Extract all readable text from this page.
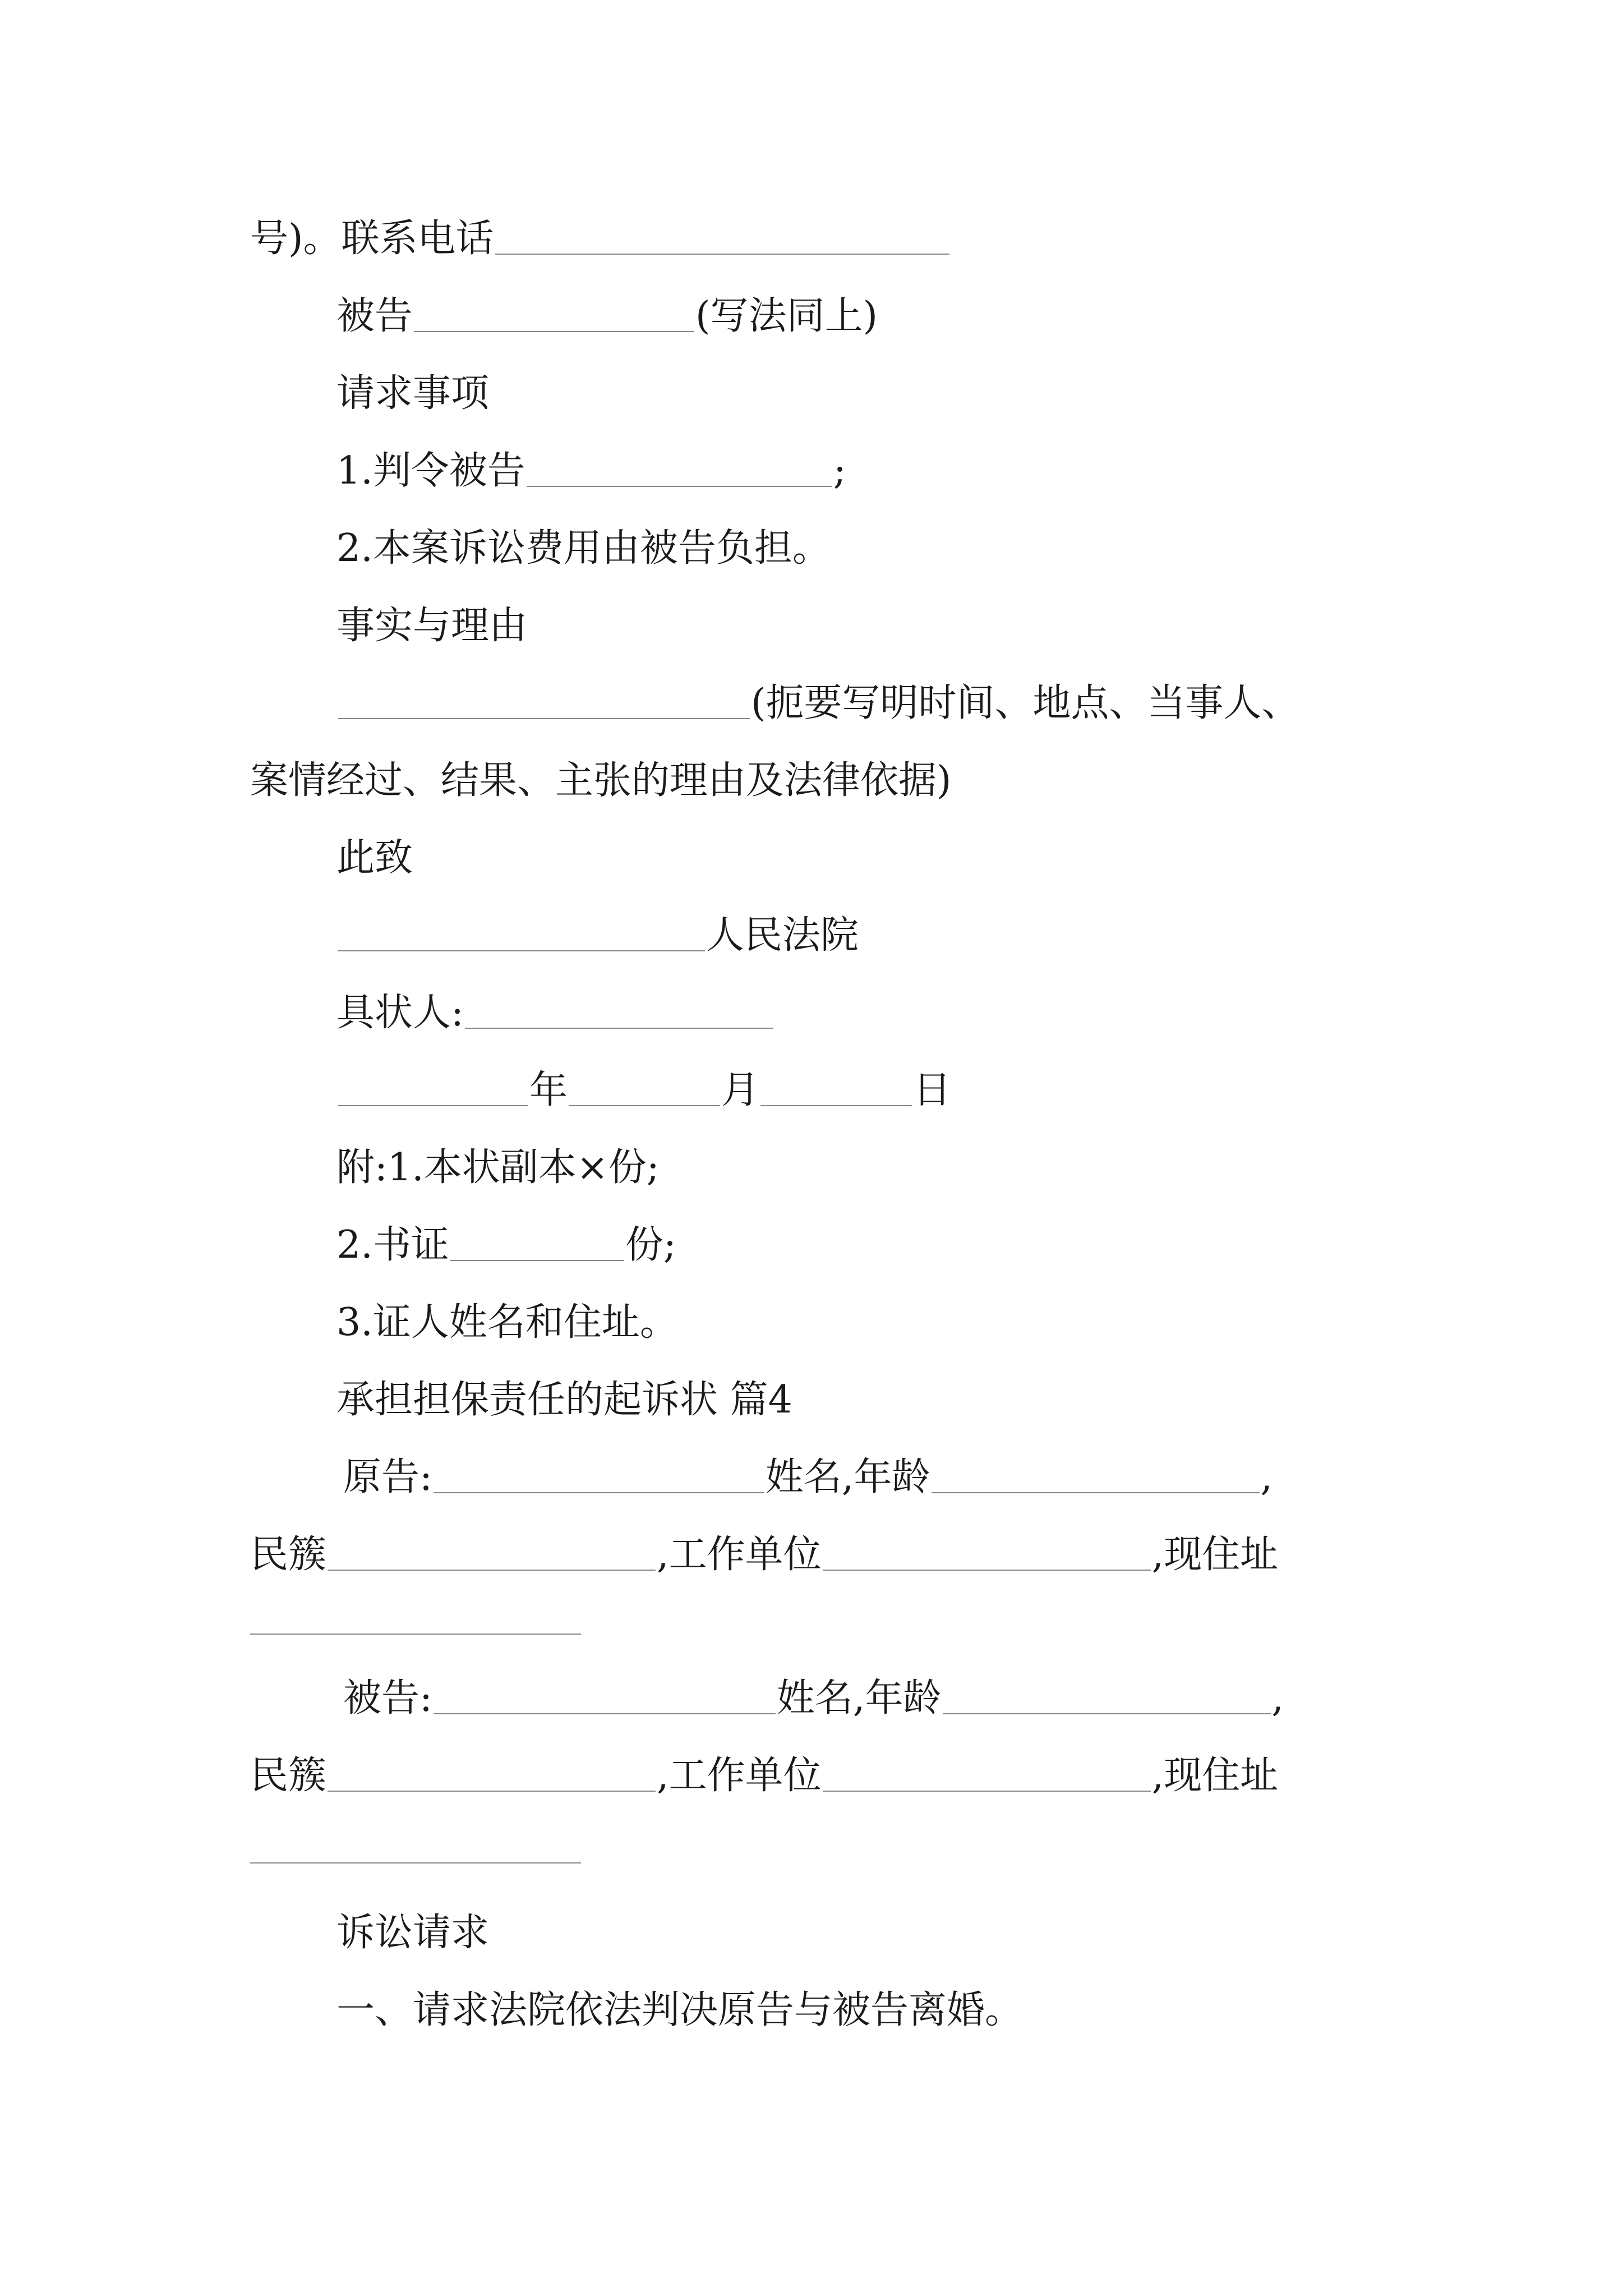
号)。联系电话
被告	(写法同上)
请求事项
1.判令被告	;
2.本案诉讼费用由被告负担。
事实与理由
(扼要写明时间、地点、当事人、
案情经过、结果、主张的理由及法律依据)
此致
人民法院
具状人:
年	月	日
附:1.本状副本×份;
2.书证	份;
3.证人姓名和住址。
承担担保责任的起诉状 篇4
原告:	姓名,年龄	,
民簇	,工作单位	,现住址
被告:	姓名,年龄	,
民簇	,工作单位	,现住址
诉讼请求
一、请求法院依法判决原告与被告离婚。
